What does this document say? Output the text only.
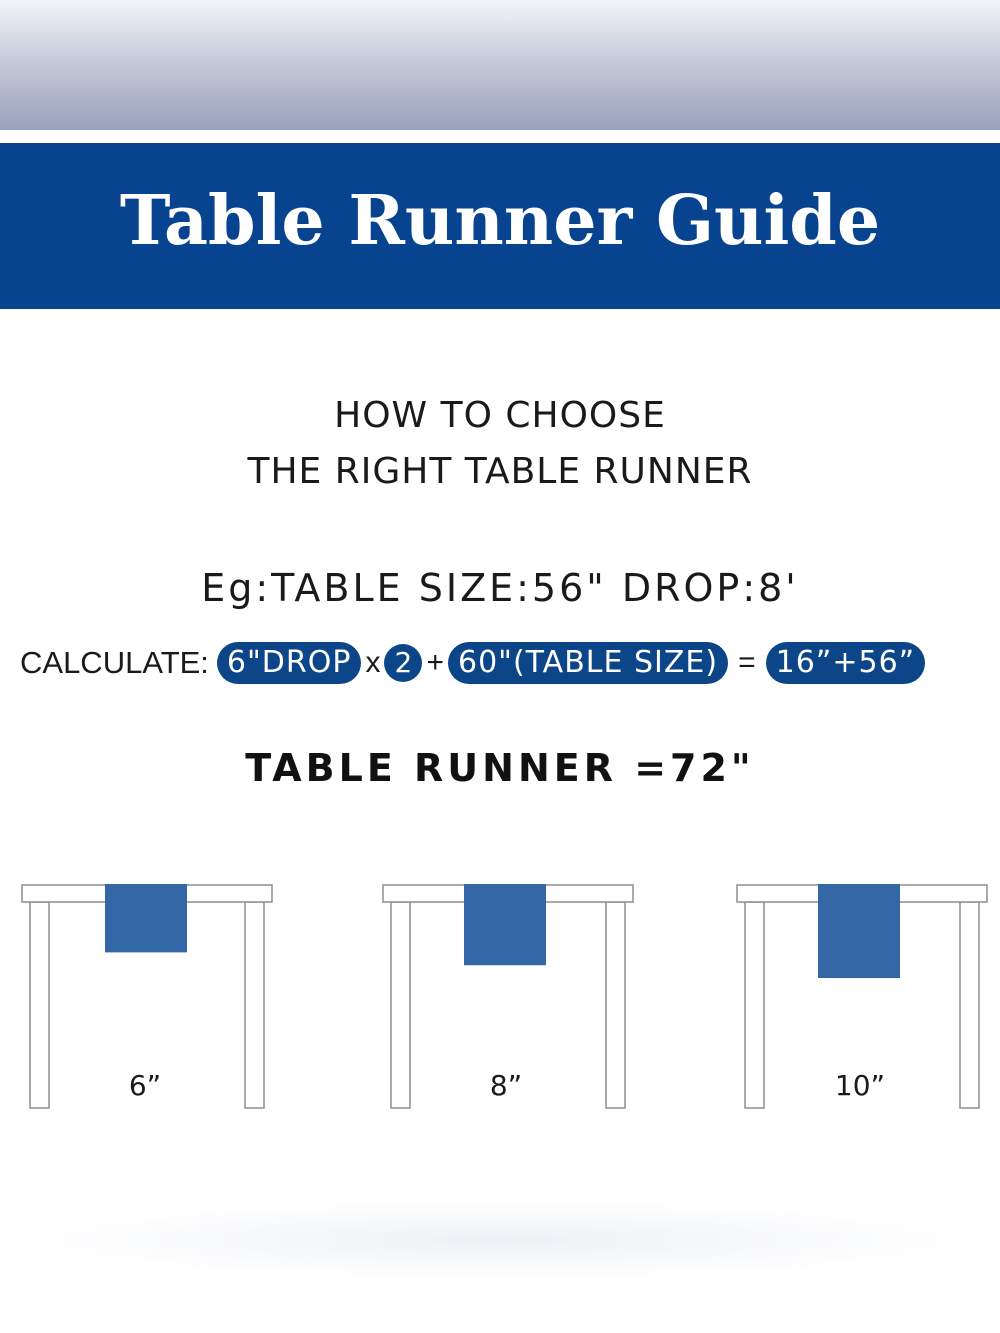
Table Runner Guide
HOW TO CHOOSE
THE RIGHT TABLE RUNNER
Eg:TABLE SIZE:56" DROP:8'
CALCULATE: 6"DROP x 2 + 60"(TABLE SIZE) = 16”+56”
TABLE RUNNER =72"
6”	8”	10”
